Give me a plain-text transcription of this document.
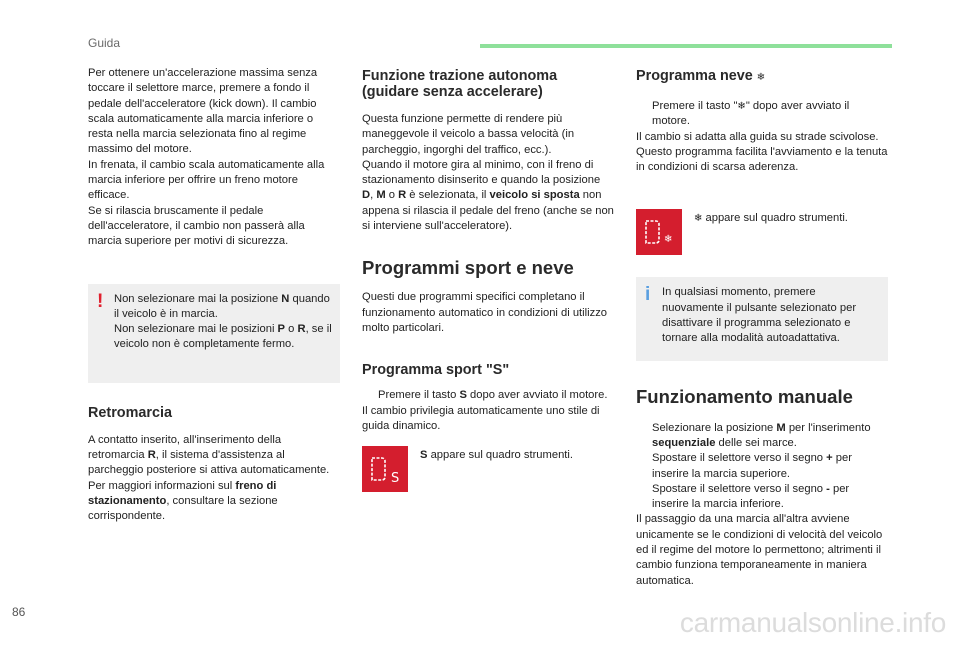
Guida

Per ottenere un'accelerazione massima senza toccare il selettore marce, premere a fondo il pedale dell'acceleratore (kick down). Il cambio scala automaticamente alla marcia inferiore o resta nella marcia selezionata fino al regime massimo del motore.
In frenata, il cambio scala automaticamente alla marcia inferiore per offrire un freno motore efficace.
Se si rilascia bruscamente il pedale dell'acceleratore, il cambio non passerà alla marcia superiore per motivi di sicurezza.

! Non selezionare mai la posizione N quando il veicolo è in marcia.
Non selezionare mai le posizioni P o R, se il veicolo non è completamente fermo.

Retromarcia

A contatto inserito, all'inserimento della retromarcia R, il sistema d'assistenza al parcheggio posteriore si attiva automaticamente.
Per maggiori informazioni sul freno di stazionamento, consultare la sezione corrispondente.

Funzione trazione autonoma (guidare senza accelerare)

Questa funzione permette di rendere più maneggevole il veicolo a bassa velocità (in parcheggio, ingorghi del traffico, ecc.).
Quando il motore gira al minimo, con il freno di stazionamento disinserito e quando la posizione D, M o R è selezionata, il veicolo si sposta non appena si rilascia il pedale del freno (anche se non si interviene sull'acceleratore).

Programmi sport e neve

Questi due programmi specifici completano il funzionamento automatico in condizioni di utilizzo molto particolari.

Programma sport "S"

Premere il tasto S dopo aver avviato il motore.

Il cambio privilegia automaticamente uno stile di guida dinamico.

S

S appare sul quadro strumenti.

Programma neve ❄

Premere il tasto "❄" dopo aver avviato il motore.

Il cambio si adatta alla guida su strade scivolose.
Questo programma facilita l'avviamento e la tenuta in condizioni di scarsa aderenza.

❄

❄ appare sul quadro strumenti.

i In qualsiasi momento, premere nuovamente il pulsante selezionato per disattivare il programma selezionato e tornare alla modalità autoadattativa.

Funzionamento manuale

Selezionare la posizione M per l'inserimento sequenziale delle sei marce.

Spostare il selettore verso il segno + per inserire la marcia superiore.

Spostare il selettore verso il segno - per inserire la marcia inferiore.

Il passaggio da una marcia all'altra avviene unicamente se le condizioni di velocità del veicolo ed il regime del motore lo permettono; altrimenti il cambio funziona temporaneamente in maniera automatica.

86	carmanualsonline.info
